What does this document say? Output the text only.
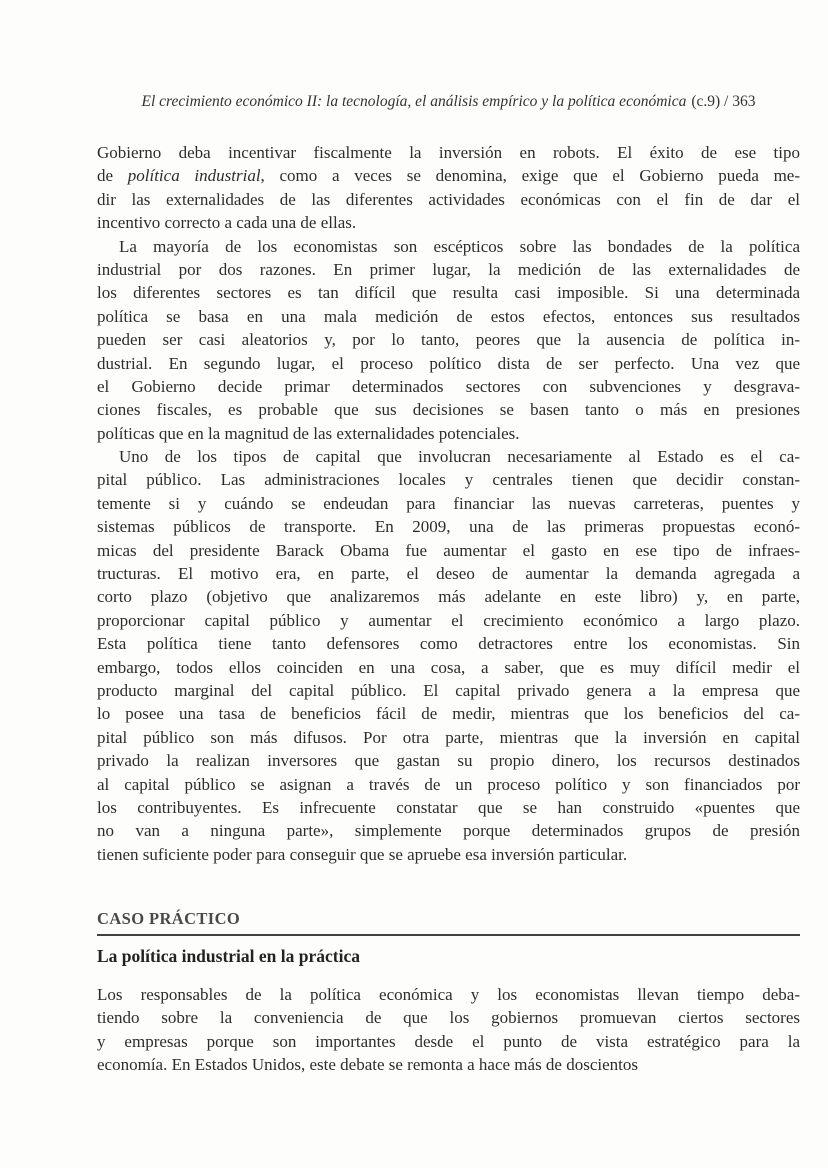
El crecimiento económico II: la tecnología, el análisis empírico y la política económica (c.9) / 363
Gobierno deba incentivar fiscalmente la inversión en robots. El éxito de ese tipo
de política industrial, como a veces se denomina, exige que el Gobierno pueda me-
dir las externalidades de las diferentes actividades económicas con el fin de dar el
incentivo correcto a cada una de ellas.
La mayoría de los economistas son escépticos sobre las bondades de la política
industrial por dos razones. En primer lugar, la medición de las externalidades de
los diferentes sectores es tan difícil que resulta casi imposible. Si una determinada
política se basa en una mala medición de estos efectos, entonces sus resultados
pueden ser casi aleatorios y, por lo tanto, peores que la ausencia de política in-
dustrial. En segundo lugar, el proceso político dista de ser perfecto. Una vez que
el Gobierno decide primar determinados sectores con subvenciones y desgrava-
ciones fiscales, es probable que sus decisiones se basen tanto o más en presiones
políticas que en la magnitud de las externalidades potenciales.
Uno de los tipos de capital que involucran necesariamente al Estado es el ca-
pital público. Las administraciones locales y centrales tienen que decidir constan-
temente si y cuándo se endeudan para financiar las nuevas carreteras, puentes y
sistemas públicos de transporte. En 2009, una de las primeras propuestas econó-
micas del presidente Barack Obama fue aumentar el gasto en ese tipo de infraes-
tructuras. El motivo era, en parte, el deseo de aumentar la demanda agregada a
corto plazo (objetivo que analizaremos más adelante en este libro) y, en parte,
proporcionar capital público y aumentar el crecimiento económico a largo plazo.
Esta política tiene tanto defensores como detractores entre los economistas. Sin
embargo, todos ellos coinciden en una cosa, a saber, que es muy difícil medir el
producto marginal del capital público. El capital privado genera a la empresa que
lo posee una tasa de beneficios fácil de medir, mientras que los beneficios del ca-
pital público son más difusos. Por otra parte, mientras que la inversión en capital
privado la realizan inversores que gastan su propio dinero, los recursos destinados
al capital público se asignan a través de un proceso político y son financiados por
los contribuyentes. Es infrecuente constatar que se han construido «puentes que
no van a ninguna parte», simplemente porque determinados grupos de presión
tienen suficiente poder para conseguir que se apruebe esa inversión particular.
CASO PRÁCTICO
La política industrial en la práctica
Los responsables de la política económica y los economistas llevan tiempo deba-
tiendo sobre la conveniencia de que los gobiernos promuevan ciertos sectores
y empresas porque son importantes desde el punto de vista estratégico para la
economía. En Estados Unidos, este debate se remonta a hace más de doscientos
